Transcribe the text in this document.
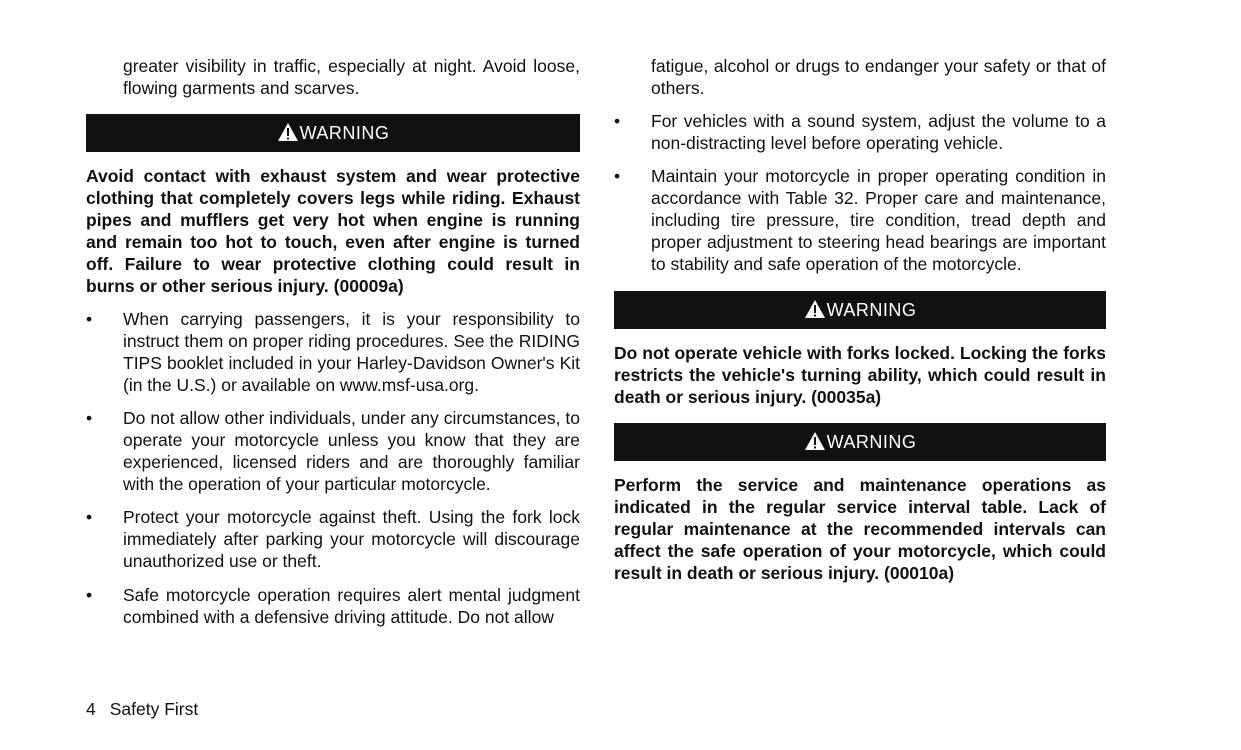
greater visibility in traffic, especially at night. Avoid loose, flowing garments and scarves.
WARNING
Avoid contact with exhaust system and wear protective clothing that completely covers legs while riding. Exhaust pipes and mufflers get very hot when engine is running and remain too hot to touch, even after engine is turned off. Failure to wear protective clothing could result in burns or other serious injury. (00009a)
• When carrying passengers, it is your responsibility to instruct them on proper riding procedures. See the RIDING TIPS booklet included in your Harley-Davidson Owner's Kit (in the U.S.) or available on www.msf-usa.org.
• Do not allow other individuals, under any circumstances, to operate your motorcycle unless you know that they are experienced, licensed riders and are thoroughly familiar with the operation of your particular motorcycle.
• Protect your motorcycle against theft. Using the fork lock immediately after parking your motorcycle will discourage unauthorized use or theft.
• Safe motorcycle operation requires alert mental judgment combined with a defensive driving attitude. Do not allow
fatigue, alcohol or drugs to endanger your safety or that of others.
• For vehicles with a sound system, adjust the volume to a non-distracting level before operating vehicle.
• Maintain your motorcycle in proper operating condition in accordance with Table 32. Proper care and maintenance, including tire pressure, tire condition, tread depth and proper adjustment to steering head bearings are important to stability and safe operation of the motorcycle.
WARNING
Do not operate vehicle with forks locked. Locking the forks restricts the vehicle's turning ability, which could result in death or serious injury. (00035a)
WARNING
Perform the service and maintenance operations as indicated in the regular service interval table. Lack of regular maintenance at the recommended intervals can affect the safe operation of your motorcycle, which could result in death or serious injury. (00010a)
4 Safety First
